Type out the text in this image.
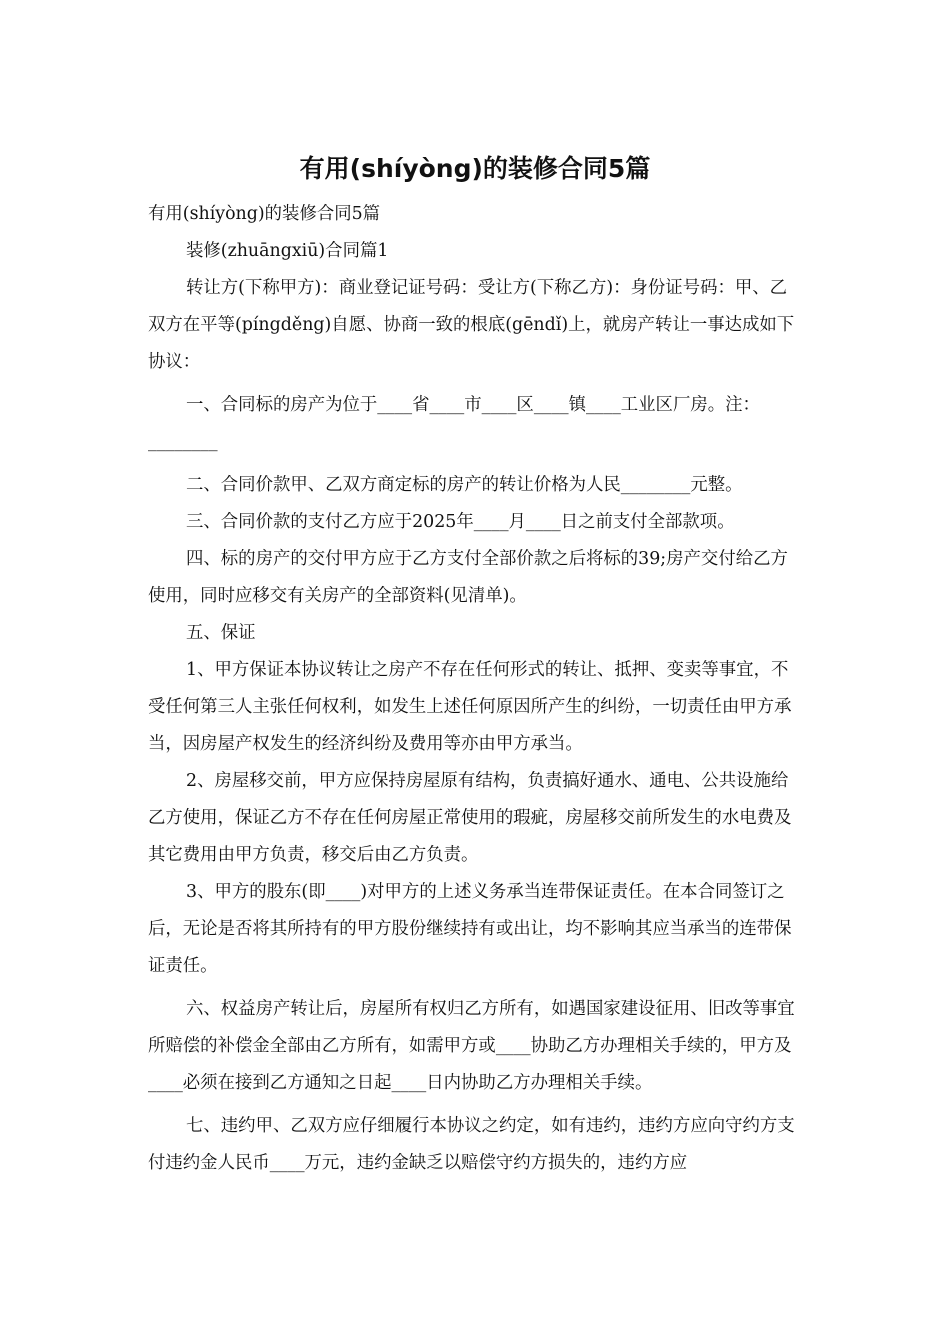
有用(shíyòng)的装修合同5篇

有用(shíyòng)的装修合同5篇

装修(zhuāngxiū)合同篇1

转让方(下称甲方)：商业登记证号码：受让方(下称乙方)：身份证号码：甲、乙双方在平等(píngděng)自愿、协商一致的根底(gēndǐ)上，就房产转让一事达成如下协议：

一、合同标的房产为位于____省____市____区____镇____工业区厂房。注：________

二、合同价款甲、乙双方商定标的房产的转让价格为人民________元整。

三、合同价款的支付乙方应于2025年____月____日之前支付全部款项。

四、标的房产的交付甲方应于乙方支付全部价款之后将标的39;房产交付给乙方使用，同时应移交有关房产的全部资料(见清单)。

五、保证

1、甲方保证本协议转让之房产不存在任何形式的转让、抵押、变卖等事宜，不受任何第三人主张任何权利，如发生上述任何原因所产生的纠纷，一切责任由甲方承当，因房屋产权发生的经济纠纷及费用等亦由甲方承当。

2、房屋移交前，甲方应保持房屋原有结构，负责搞好通水、通电、公共设施给乙方使用，保证乙方不存在任何房屋正常使用的瑕疵，房屋移交前所发生的水电费及其它费用由甲方负责，移交后由乙方负责。

3、甲方的股东(即____)对甲方的上述义务承当连带保证责任。在本合同签订之后，无论是否将其所持有的甲方股份继续持有或出让，均不影响其应当承当的连带保证责任。

六、权益房产转让后，房屋所有权归乙方所有，如遇国家建设征用、旧改等事宜所赔偿的补偿金全部由乙方所有，如需甲方或____协助乙方办理相关手续的，甲方及____必须在接到乙方通知之日起____日内协助乙方办理相关手续。

七、违约甲、乙双方应仔细履行本协议之约定，如有违约，违约方应向守约方支付违约金人民币____万元，违约金缺乏以赔偿守约方损失的，违约方应
